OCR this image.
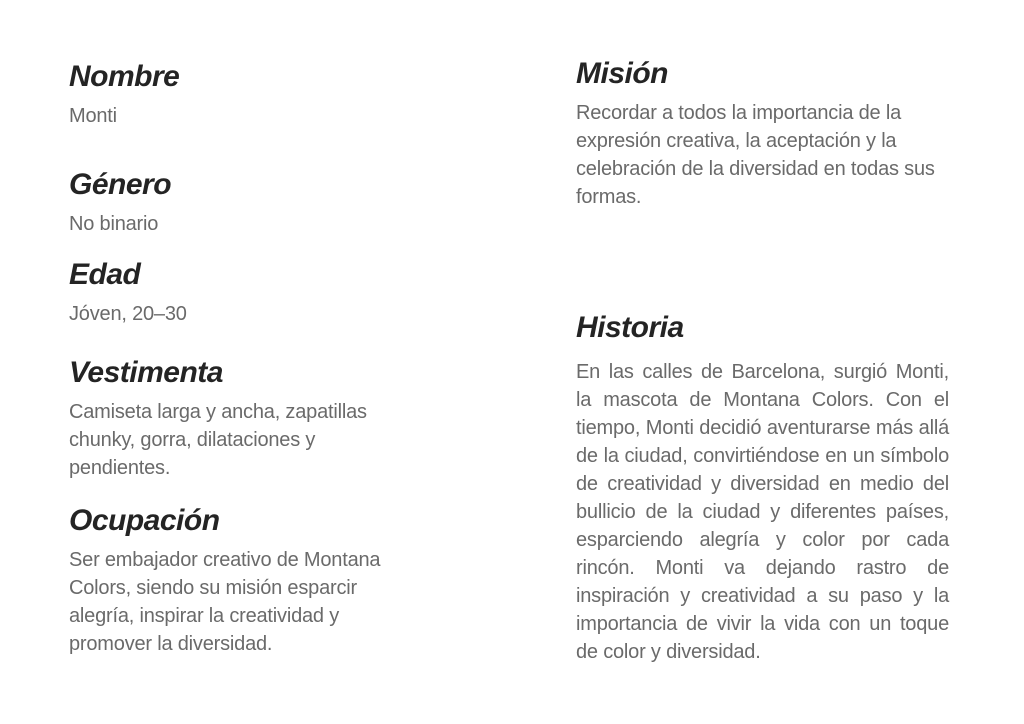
Nombre

Monti

Género

No binario

Edad

Jóven, 20–30

Vestimenta

Camiseta larga y ancha, zapatillas chunky, gorra, dilataciones y pendientes.

Ocupación

Ser embajador creativo de Montana Colors, siendo su misión esparcir alegría, inspirar la creatividad y promover la diversidad.

Misión

Recordar a todos la importancia de la expresión creativa, la aceptación y la celebración de la diversidad en todas sus formas.

Historia

En las calles de Barcelona, surgió Monti, la mascota de Montana Colors. Con el tiempo, Monti decidió aventurarse más allá de la ciudad, convirtiéndose en un símbolo de creatividad y diversidad en medio del bullicio de la ciudad y diferentes países, esparciendo alegría y color por cada rincón. Monti va dejando rastro de inspiración y creatividad a su paso y la importancia de vivir la vida con un toque de color y diversidad.
